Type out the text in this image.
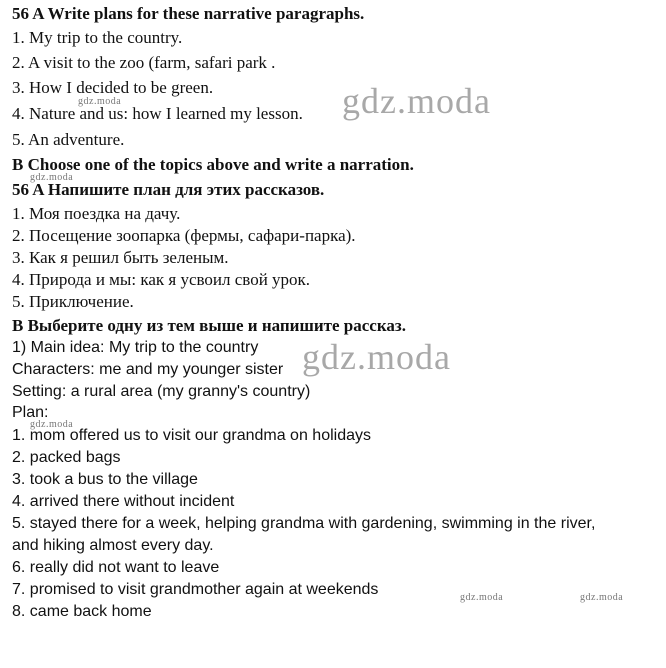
56 A Write plans for these narrative paragraphs.
1. My trip to the country.
2. A visit to the zoo (farm, safari park .
3. How I decided to be green.
4. Nature and us: how I learned my lesson.
5. An adventure.
B Choose one of the topics above and write a narration.
56 A Напишите план для этих рассказов.
1. Моя поездка на дачу.
2. Посещение зоопарка (фермы, сафари-парка).
3. Как я решил быть зеленым.
4. Природа и мы: как я усвоил свой урок.
5. Приключение.
В Выберите одну из тем выше и напишите рассказ.
1) Main idea: My trip to the country
Characters: me and my younger sister
Setting: a rural area (my granny's country)
Plan:
1. mom offered us to visit our grandma on holidays
2. packed bags
3. took a bus to the village
4. arrived there without incident
5. stayed there for a week, helping grandma with gardening, swimming in the river,
and hiking almost every day.
6. really did not want to leave
7. promised to visit grandmother again at weekends
8. came back home
gdz.moda
gdz.moda
gdz.moda
gdz.moda
gdz.moda
gdz.moda	gdz.moda
